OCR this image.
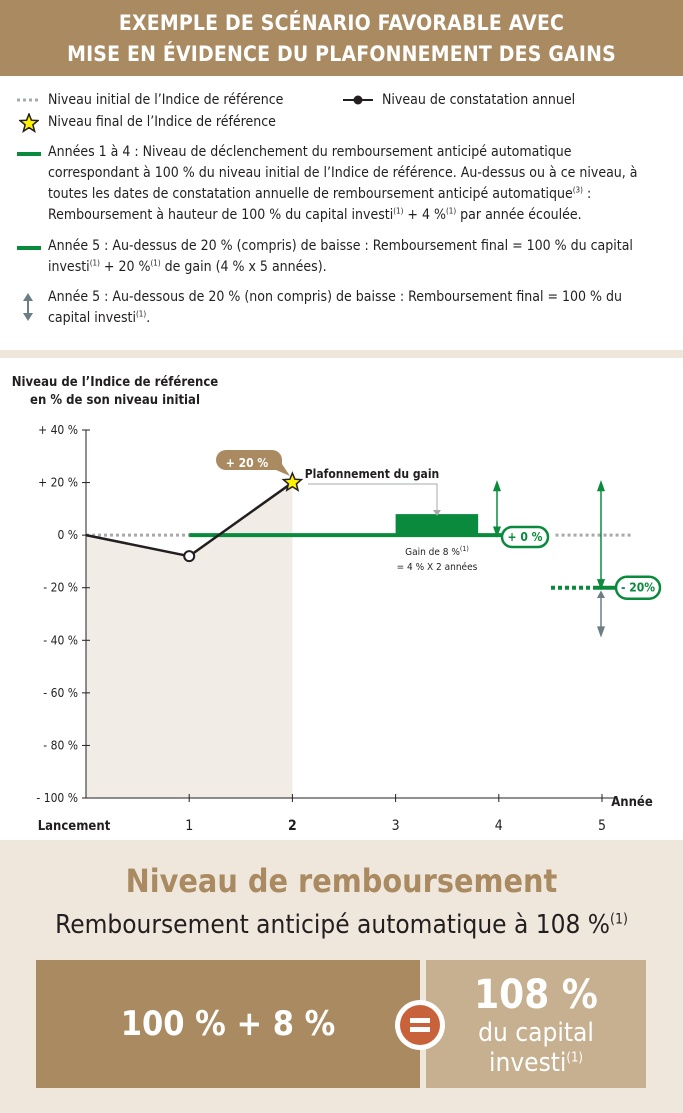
EXEMPLE DE SCÉNARIO FAVORABLE AVEC
MISE EN ÉVIDENCE DU PLAFONNEMENT DES GAINS
Niveau initial de l’Indice de référence	Niveau de constatation annuel
Niveau final de l’Indice de référence
Années 1 à 4 : Niveau de déclenchement du remboursement anticipé automatique correspondant à 100 % du niveau initial de l’Indice de référence. Au-dessus ou à ce niveau, à toutes les dates de constatation annuelle de remboursement anticipé automatique$^{(3)}$ : Remboursement à hauteur de 100 % du capital investi$^{(1)}$ + 4 %$^{(1)}$ par année écoulée.
Année 5 : Au-dessus de 20 % (compris) de baisse : Remboursement final = 100 % du capital investi$^{(1)}$ + 20 %$^{(1)}$ de gain (4 % x 5 années).
Année 5 : Au-dessous de 20 % (non compris) de baisse : Remboursement final = 100 % du capital investi$^{(1)}$.
+ 40 %
+ 20 %
0 %
- 20 %
- 40 %
- 60 %
- 80 %
- 100 %
Lancement	1	2	3	4	5
Année
+ 20 %
Plafonnement du gain
Gain de 8 %$^{(1)}$
= 4 % X 2 années
+ 0 %
- 20%
Niveau de l’Indice de référence
en % de son niveau initial
Niveau de remboursement
Remboursement anticipé automatique à 108 %$^{(1)}$
100 % + 8 %
108 %
du capital
investi$^{(1)}$
